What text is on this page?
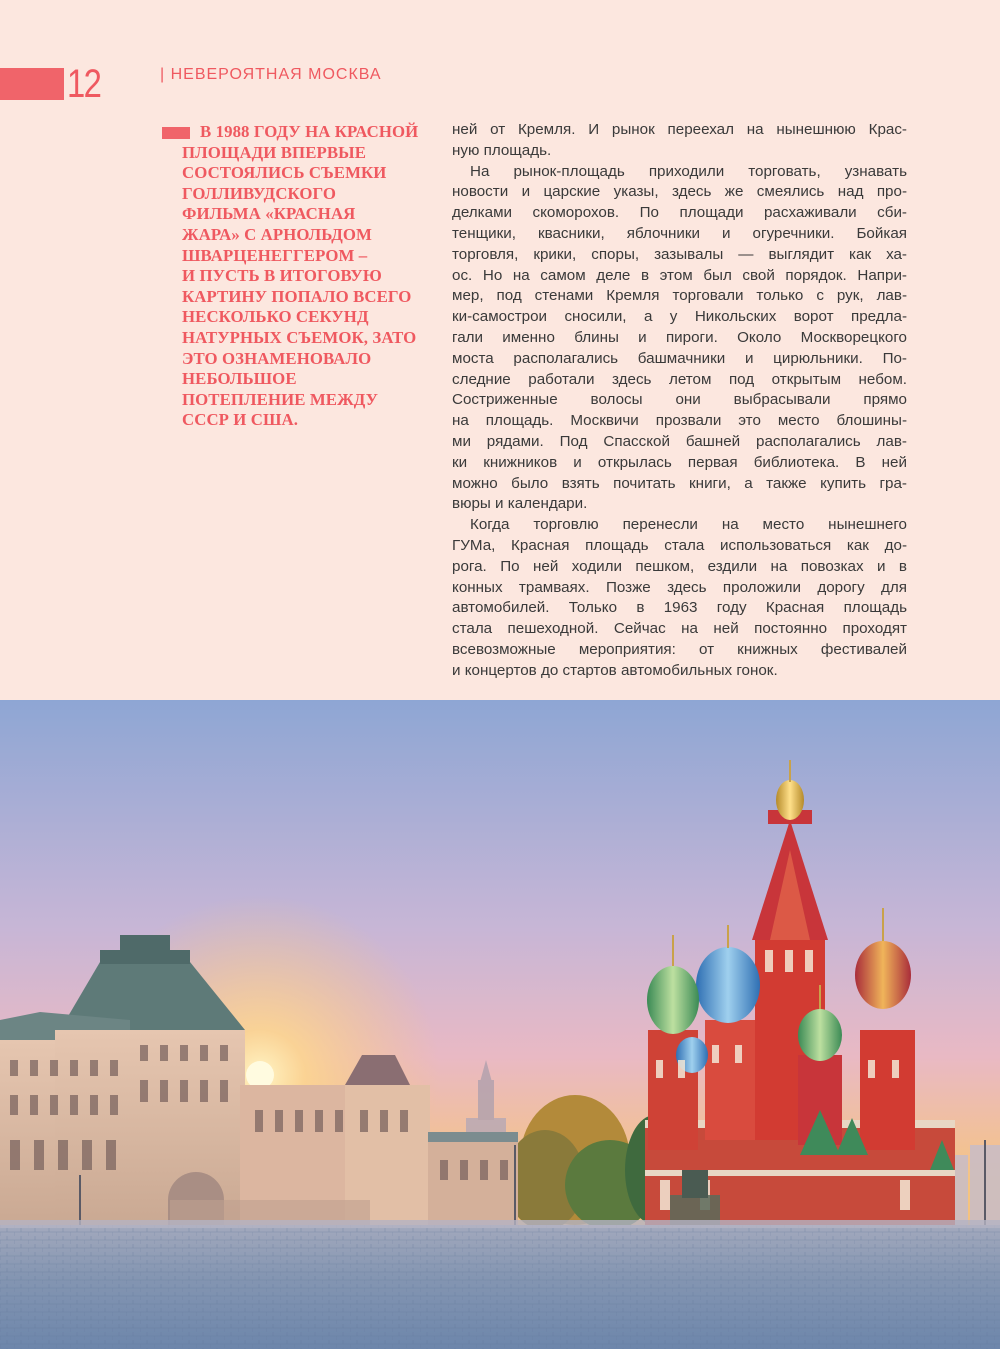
12	| НЕВЕРОЯТНАЯ МОСКВА

В 1988 ГОДУ НА КРАСНОЙ
ПЛОЩАДИ ВПЕРВЫЕ
СОСТОЯЛИСЬ СЪЕМКИ
ГОЛЛИВУДСКОГО
ФИЛЬМА «КРАСНАЯ
ЖАРА» С АРНОЛЬДОМ
ШВАРЦЕНЕГГЕРОМ –
И ПУСТЬ В ИТОГОВУЮ
КАРТИНУ ПОПАЛО ВСЕГО
НЕСКОЛЬКО СЕКУНД
НАТУРНЫХ СЪЕМОК, ЗАТО
ЭТО ОЗНАМЕНОВАЛО
НЕБОЛЬШОЕ
ПОТЕПЛЕНИЕ МЕЖДУ
СССР И США.

ней от Кремля. И рынок переехал на нынешнюю Крас-
ную площадь.

На рынок-площадь приходили торговать, узнавать
новости и царские указы, здесь же смеялись над про-
делками скоморохов. По площади расхаживали сби-
тенщики, квасники, яблочники и огуречники. Бойкая
торговля, крики, споры, зазывалы — выглядит как ха-
ос. Но на самом деле в этом был свой порядок. Напри-
мер, под стенами Кремля торговали только с рук, лав-
ки-самострои сносили, а у Никольских ворот предла-
гали именно блины и пироги. Около Москворецкого
моста располагались башмачники и цирюльники. По-
следние работали здесь летом под открытым небом.
Состриженные волосы они выбрасывали прямо
на площадь. Москвичи прозвали это место блошины-
ми рядами. Под Спасской башней располагались лав-
ки книжников и открылась первая библиотека. В ней
можно было взять почитать книги, а также купить гра-
вюры и календари.

Когда торговлю перенесли на место нынешнего
ГУМа, Красная площадь стала использоваться как до-
рога. По ней ходили пешком, ездили на повозках и в
конных трамваях. Позже здесь проложили дорогу для
автомобилей. Только в 1963 году Красная площадь
стала пешеходной. Сейчас на ней постоянно проходят
всевозможные мероприятия: от книжных фестивалей
и концертов до стартов автомобильных гонок.
